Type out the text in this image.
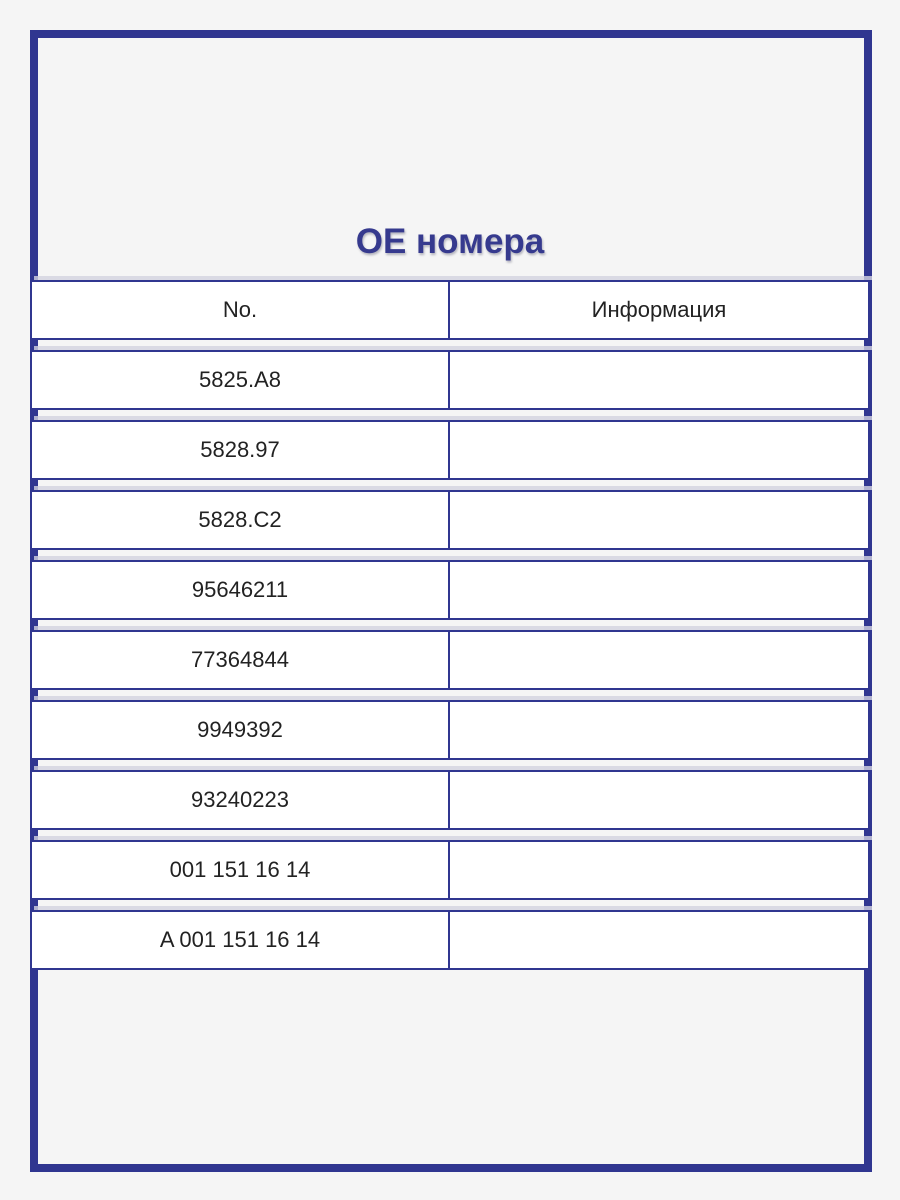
OE номера
No.	Информация
5825.A8
5828.97
5828.C2
95646211
77364844
9949392
93240223
001 151 16 14
A 001 151 16 14
